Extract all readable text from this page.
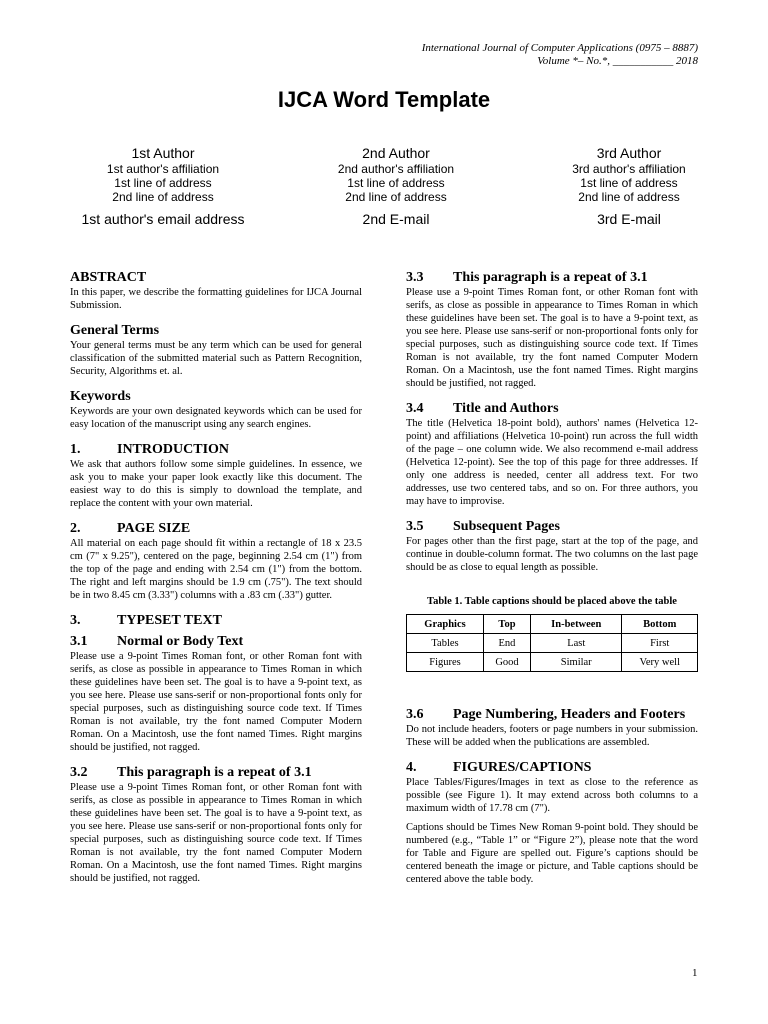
International Journal of Computer Applications (0975 – 8887)
Volume *– No.*, ___________ 2018
IJCA Word Template
1st Author
1st author's affiliation
1st line of address
2nd line of address
1st author's email address
2nd Author
2nd author's affiliation
1st line of address
2nd line of address
2nd E-mail
3rd Author
3rd author's affiliation
1st line of address
2nd line of address
3rd E-mail
ABSTRACT

In this paper, we describe the formatting guidelines for IJCA Journal Submission.

General Terms

Your general terms must be any term which can be used for general classification of the submitted material such as Pattern Recognition, Security, Algorithms et. al.

Keywords

Keywords are your own designated keywords which can be used for easy location of the manuscript using any search engines.

1.	INTRODUCTION

We ask that authors follow some simple guidelines. In essence, we ask you to make your paper look exactly like this document. The easiest way to do this is simply to download the template, and replace the content with your own material.

2.	PAGE SIZE

All material on each page should fit within a rectangle of 18 x 23.5 cm (7" x 9.25"), centered on the page, beginning 2.54 cm (1") from the top of the page and ending with 2.54 cm (1") from the bottom. The right and left margins should be 1.9 cm (.75"). The text should be in two 8.45 cm (3.33") columns with a .83 cm (.33") gutter.

3.	TYPESET TEXT
3.1	Normal or Body Text

Please use a 9-point Times Roman font, or other Roman font with serifs, as close as possible in appearance to Times Roman in which these guidelines have been set. The goal is to have a 9-point text, as you see here. Please use sans-serif or non-proportional fonts only for special purposes, such as distinguishing source code text. If Times Roman is not available, try the font named Computer Modern Roman. On a Macintosh, use the font named Times. Right margins should be justified, not ragged.

3.2	This paragraph is a repeat of 3.1

Please use a 9-point Times Roman font, or other Roman font with serifs, as close as possible in appearance to Times Roman in which these guidelines have been set. The goal is to have a 9-point text, as you see here. Please use sans-serif or non-proportional fonts only for special purposes, such as distinguishing source code text. If Times Roman is not available, try the font named Computer Modern Roman. On a Macintosh, use the font named Times. Right margins should be justified, not ragged.

3.3	This paragraph is a repeat of 3.1

Please use a 9-point Times Roman font, or other Roman font with serifs, as close as possible in appearance to Times Roman in which these guidelines have been set. The goal is to have a 9-point text, as you see here. Please use sans-serif or non-proportional fonts only for special purposes, such as distinguishing source code text. If Times Roman is not available, try the font named Computer Modern Roman. On a Macintosh, use the font named Times. Right margins should be justified, not ragged.

3.4	Title and Authors

The title (Helvetica 18-point bold), authors' names (Helvetica 12-point) and affiliations (Helvetica 10-point) run across the full width of the page – one column wide. We also recommend e-mail address (Helvetica 12-point). See the top of this page for three addresses. If only one address is needed, center all address text. For two addresses, use two centered tabs, and so on. For three authors, you may have to improvise.

3.5	Subsequent Pages

For pages other than the first page, start at the top of the page, and continue in double-column format. The two columns on the last page should be as close to equal length as possible.

Table 1. Table captions should be placed above the table
Graphics	Top	In-between	Bottom
Tables	End	Last	First
Figures	Good	Similar	Very well
3.6 Page Numbering, Headers and Footers

Do not include headers, footers or page numbers in your submission. These will be added when the publications are assembled.

4.	FIGURES/CAPTIONS

Place Tables/Figures/Images in text as close to the reference as possible (see Figure 1). It may extend across both columns to a maximum width of 17.78 cm (7").

Captions should be Times New Roman 9-point bold. They should be numbered (e.g., “Table 1” or “Figure 2”), please note that the word for Table and Figure are spelled out. Figure’s captions should be centered beneath the image or picture, and Table captions should be centered above the table body.

1
